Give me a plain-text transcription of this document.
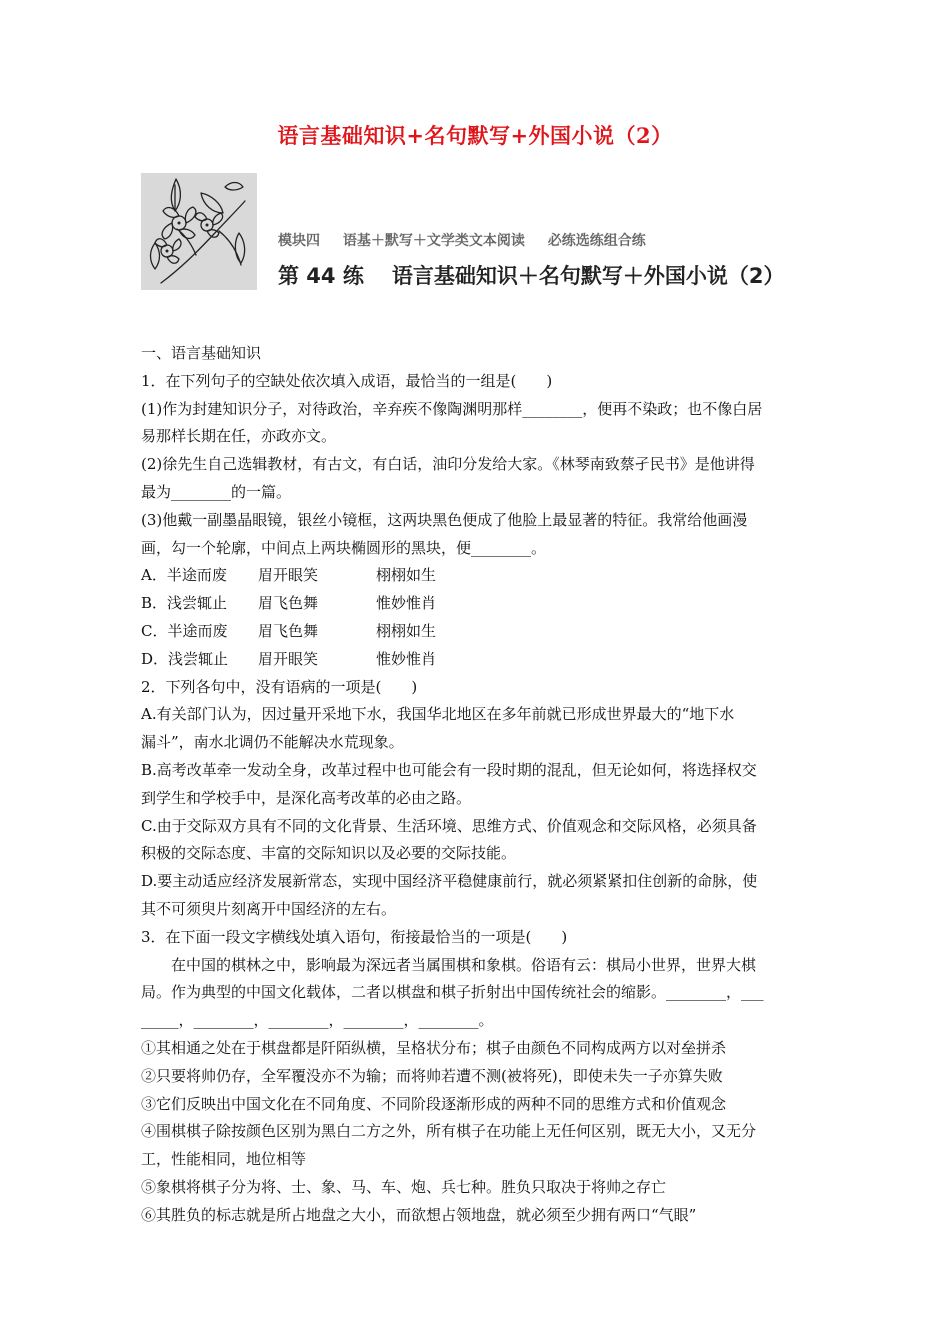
语言基础知识+名句默写+外国小说（2）
模块四 语基＋默写＋文学类文本阅读 必练选练组合练
第 44 练 语言基础知识＋名句默写＋外国小说（2）

一、语言基础知识

1．在下列句子的空缺处依次填入成语，最恰当的一组是(　　)

(1)作为封建知识分子，对待政治，辛弃疾不像陶渊明那样________，便再不染政；也不像白居

易那样长期在任，亦政亦文。

(2)徐先生自己选辑教材，有古文，有白话，油印分发给大家。《林琴南致蔡孑民书》是他讲得

最为________的一篇。

(3)他戴一副墨晶眼镜，银丝小镜框，这两块黑色便成了他脸上最显著的特征。我常给他画漫

画，勾一个轮廓，中间点上两块椭圆形的黑块，便________。

A．半途而废	眉开眼笑	栩栩如生
B．浅尝辄止	眉飞色舞	惟妙惟肖
C．半途而废	眉飞色舞	栩栩如生
D．浅尝辄止	眉开眼笑	惟妙惟肖

2．下列各句中，没有语病的一项是(　　)

A.有关部门认为，因过量开采地下水，我国华北地区在多年前就已形成世界最大的“地下水

漏斗”，南水北调仍不能解决水荒现象。

B.高考改革牵一发动全身，改革过程中也可能会有一段时期的混乱，但无论如何，将选择权交

到学生和学校手中，是深化高考改革的必由之路。

C.由于交际双方具有不同的文化背景、生活环境、思维方式、价值观念和交际风格，必须具备

积极的交际态度、丰富的交际知识以及必要的交际技能。

D.要主动适应经济发展新常态，实现中国经济平稳健康前行，就必须紧紧扣住创新的命脉，使

其不可须臾片刻离开中国经济的左右。

3．在下面一段文字横线处填入语句，衔接最恰当的一项是(　　)

在中国的棋林之中，影响最为深远者当属围棋和象棋。俗语有云：棋局小世界，世界大棋

局。作为典型的中国文化载体，二者以棋盘和棋子折射出中国传统社会的缩影。________，___

_____，________，________，________，________。

①其相通之处在于棋盘都是阡陌纵横，呈格状分布；棋子由颜色不同构成两方以对垒拼杀

②只要将帅仍存，全军覆没亦不为输；而将帅若遭不测(被将死)，即使未失一子亦算失败

③它们反映出中国文化在不同角度、不同阶段逐渐形成的两种不同的思维方式和价值观念

④围棋棋子除按颜色区别为黑白二方之外，所有棋子在功能上无任何区别，既无大小，又无分

工，性能相同，地位相等

⑤象棋将棋子分为将、士、象、马、车、炮、兵七种。胜负只取决于将帅之存亡

⑥其胜负的标志就是所占地盘之大小，而欲想占领地盘，就必须至少拥有两口“气眼”
